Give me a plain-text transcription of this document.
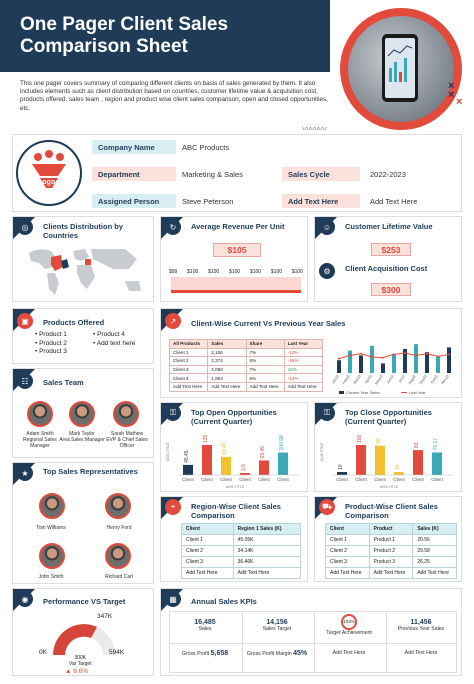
One Pager Client Sales Comparison Sheet
This one pager covers summary of comparing different clients on basis of sales generated by them. It also includes elements such as client distribution based on countries, customer lifetime value & acquisition cost, products offered, sales team , region and product wise client sales comparison, open and closed opportunities, etc.
〰〰〰
×
×
×
Logo
Company Name	ABC Products
Department	Marketing & Sales	Sales Cycle	2022-2023
Assigned Person	Steve Peterson	Add Text Here	Add Text Here
◎	Clients Distribution by Countries
↻	Average Revenue Per Unit
$105
$99 $100 $100 $100 $100 $100 $100
☺	Customer Lifetime Value
$253
⚙	Client Acquisition Cost
$300
▣	Products Offered
• Product 1
• Product 2
• Product 3
• Product 4
• Add text here
↗	Client-Wise Current Vs Previous Year Sales
All Products	Sales	Share	Last Year
Client 1	2,106	7%	-10%
Client 2	2,374	8%	-15%
Client 3	2,060	7%	10%
Client 4	1,903	6%	-12%
Add Text Here	Add Text Here	Add Text Here	Add Text Here
Jan22 Feb22 Mar22 Apr22 May22 Jun22 Jul22 Aug22 Sep22 Oct22 Nov22
Current Year Sales	Last Year
☷	Sales Team
Adam Smith
Regional Sales Manager
Mark Taylor
Area Sales Manager
Sarah Mathew
EVP & Chief Sales Officer
★	Top Sales Representatives
Tom Williams	Henry Ford
John Smith	Richard Carl
⚿	Top Open Opportunities (Current Quarter)
AXIS TITLE	45.45
Client
135
Client
81.45
Client
3.5
Client
65.45
Client
100.98
Client
AXIS TITLE
⚿	Top Close Opportunities (Current Quarter)
AXIS TITLE
10
Client
100
Client
98
Client
10
Client
83
Client
75.17
Client
AXIS TITLE
⌖	Region-Wise Client Sales Comparison
Client	Region 1 Sales (K)
Client 1	45.05K
Client 2	34.14K
Client 3	36.46K
Add Text Here	Add Text Here
⛟	Product-Wise Client Sales Comparison
Client	Product	Sales (K)
Client 1	Product 1	20.56
Client 2	Product 2	29.58
Client 3	Product 3	26.25
Add Text Here	Add Text Here	Add Text Here
◉	Performance VS Target
347K
0K	594K
300K
Var Target
▲ 9.6%
▦	Annual Sales KPIs
16,485
Sales
14,156
Sales Target
103%
Target Achievement
11,456
Previous Year Sales
Gross Profit 5,658	Gross Profit Margin 45%	Add Text Here	Add Text Here
